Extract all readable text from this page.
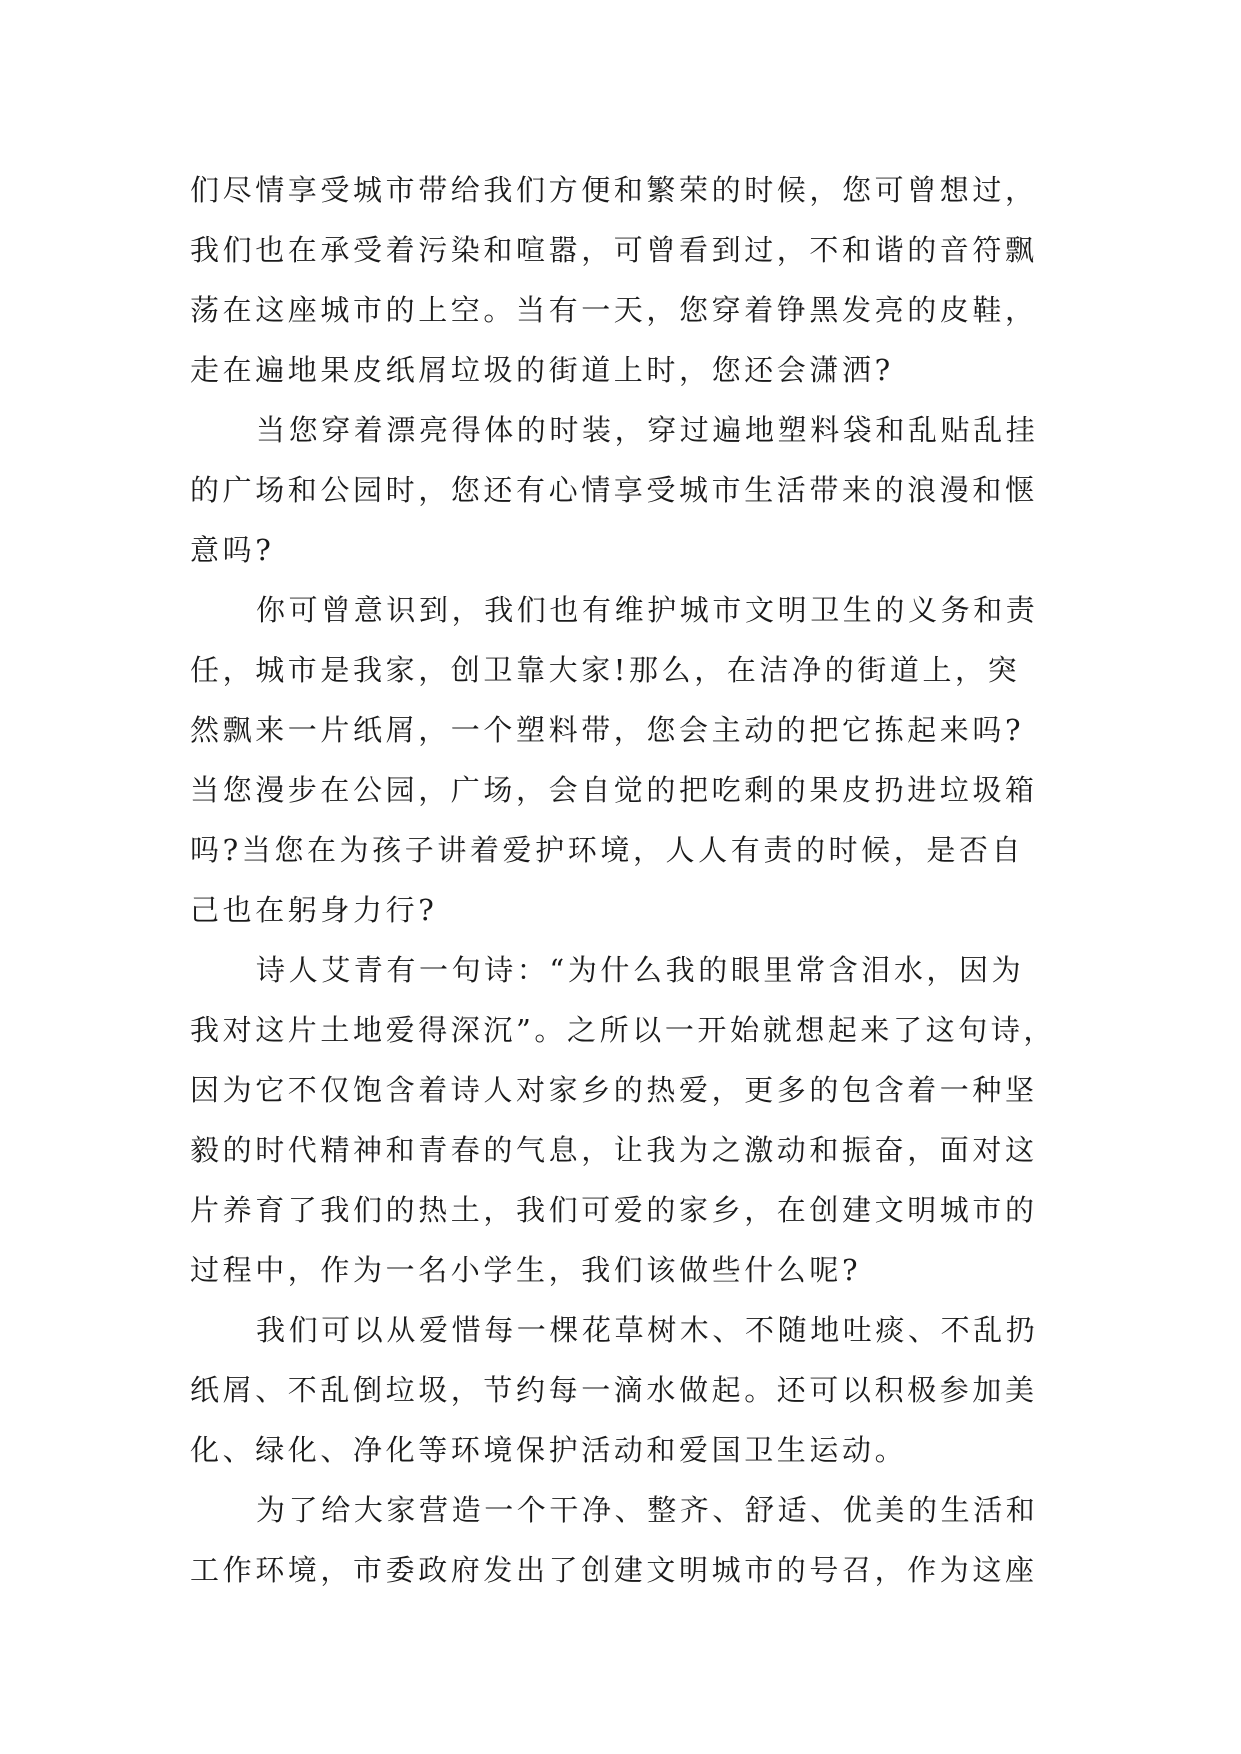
们尽情享受城市带给我们方便和繁荣的时候，您可曾想过，
我们也在承受着污染和喧嚣，可曾看到过，不和谐的音符飘
荡在这座城市的上空。当有一天，您穿着铮黑发亮的皮鞋，
走在遍地果皮纸屑垃圾的街道上时，您还会潇洒?
当您穿着漂亮得体的时装，穿过遍地塑料袋和乱贴乱挂
的广场和公园时，您还有心情享受城市生活带来的浪漫和惬
意吗?
你可曾意识到，我们也有维护城市文明卫生的义务和责
任，城市是我家，创卫靠大家!那么，在洁净的街道上，突
然飘来一片纸屑，一个塑料带，您会主动的把它拣起来吗?
当您漫步在公园，广场，会自觉的把吃剩的果皮扔进垃圾箱
吗?当您在为孩子讲着爱护环境，人人有责的时候，是否自
己也在躬身力行?
诗人艾青有一句诗：“为什么我的眼里常含泪水，因为
我对这片土地爱得深沉”。之所以一开始就想起来了这句诗，
因为它不仅饱含着诗人对家乡的热爱，更多的包含着一种坚
毅的时代精神和青春的气息，让我为之激动和振奋，面对这
片养育了我们的热土，我们可爱的家乡，在创建文明城市的
过程中，作为一名小学生，我们该做些什么呢?
我们可以从爱惜每一棵花草树木、不随地吐痰、不乱扔
纸屑、不乱倒垃圾，节约每一滴水做起。还可以积极参加美
化、绿化、净化等环境保护活动和爱国卫生运动。
为了给大家营造一个干净、整齐、舒适、优美的生活和
工作环境，市委政府发出了创建文明城市的号召，作为这座
